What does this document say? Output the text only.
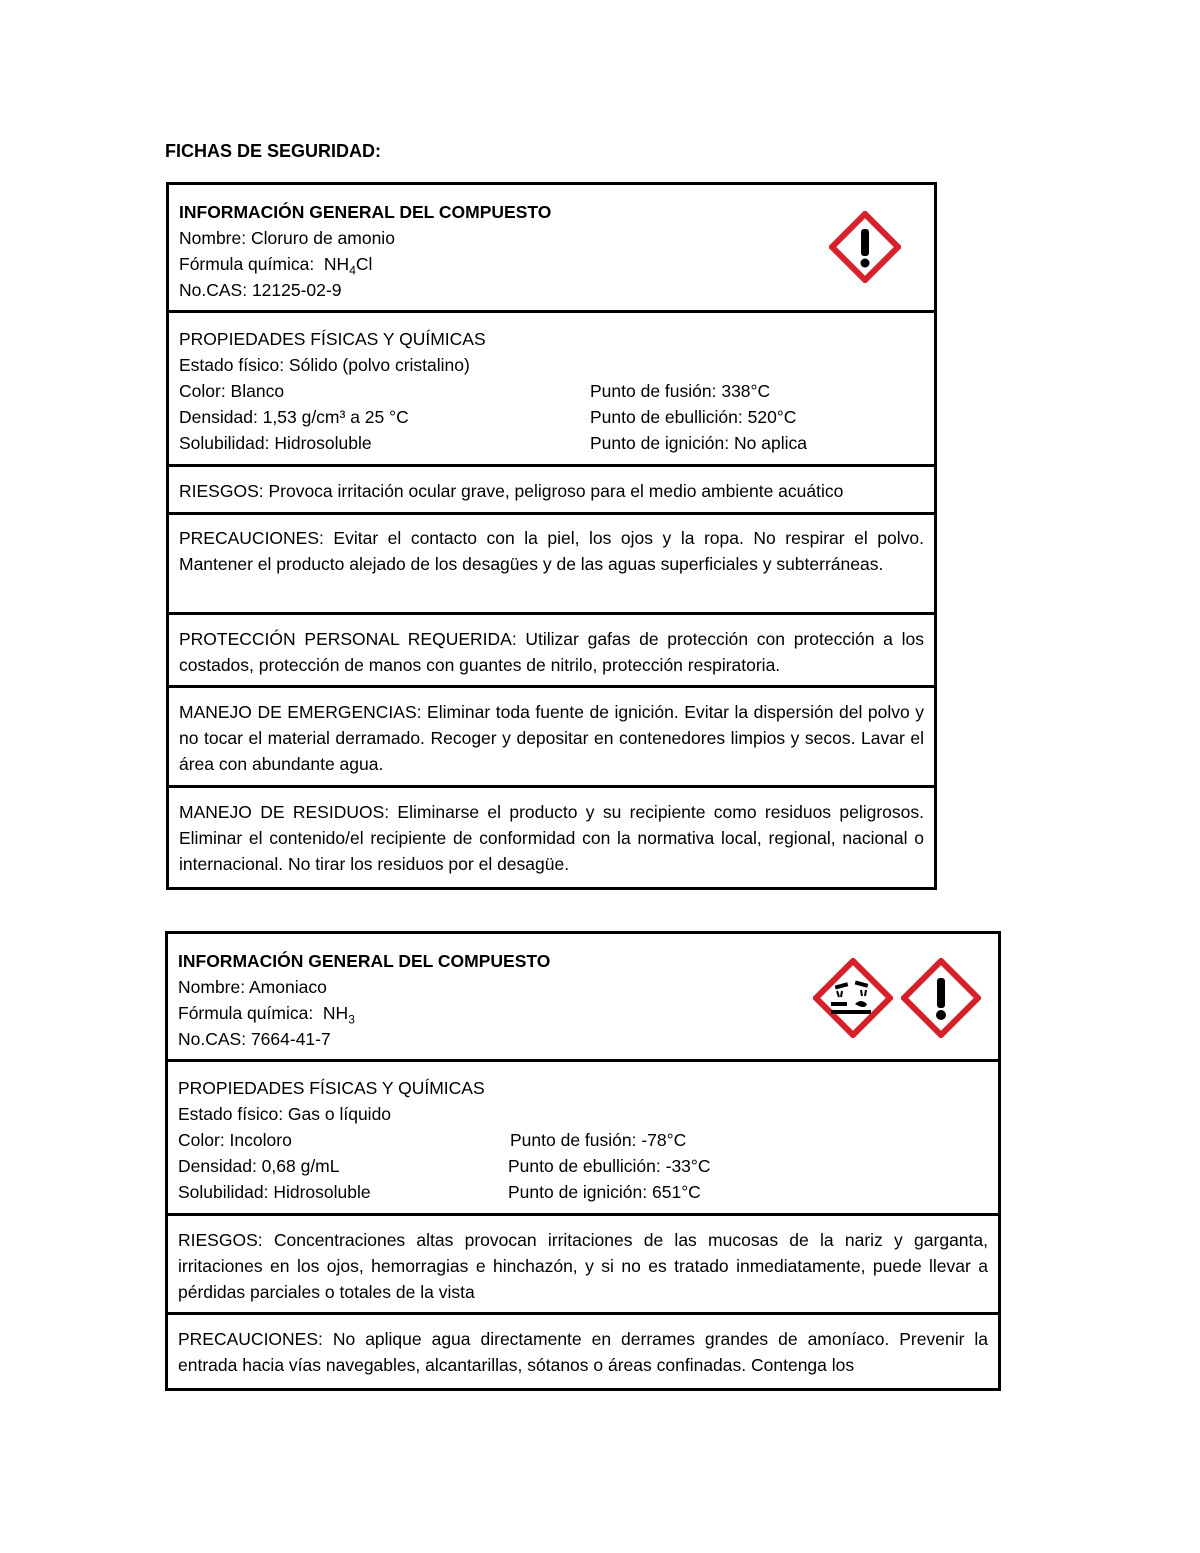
FICHAS DE SEGURIDAD:
INFORMACIÓN GENERAL DEL COMPUESTO
Nombre: Cloruro de amonio
Fórmula química: $NH_4Cl$
No.CAS: 12125-02-9
PROPIEDADES FÍSICAS Y QUÍMICAS
Estado físico: Sólido (polvo cristalino)
Color: Blanco	Punto de fusión: 338°C
Densidad: 1,53 g/cm³ a 25 °C	Punto de ebullición: 520°C
Solubilidad: Hidrosoluble	Punto de ignición: No aplica
RIESGOS: Provoca irritación ocular grave, peligroso para el medio ambiente acuático
PRECAUCIONES: Evitar el contacto con la piel, los ojos y la ropa. No respirar el polvo. Mantener el producto alejado de los desagües y de las aguas superficiales y subterráneas.
PROTECCIÓN PERSONAL REQUERIDA: Utilizar gafas de protección con protección a los costados, protección de manos con guantes de nitrilo, protección respiratoria.
MANEJO DE EMERGENCIAS: Eliminar toda fuente de ignición. Evitar la dispersión del polvo y no tocar el material derramado. Recoger y depositar en contenedores limpios y secos. Lavar el área con abundante agua.
MANEJO DE RESIDUOS: Eliminarse el producto y su recipiente como residuos peligrosos. Eliminar el contenido/el recipiente de conformidad con la normativa local, regional, nacional o internacional. No tirar los residuos por el desagüe.
INFORMACIÓN GENERAL DEL COMPUESTO
Nombre: Amoniaco
Fórmula química: $NH_3$
No.CAS: 7664-41-7
PROPIEDADES FÍSICAS Y QUÍMICAS
Estado físico: Gas o líquido
Color: Incoloro	Punto de fusión: -78°C
Densidad: 0,68 g/mL	Punto de ebullición: -33°C
Solubilidad: Hidrosoluble	Punto de ignición: 651°C
RIESGOS: Concentraciones altas provocan irritaciones de las mucosas de la nariz y garganta, irritaciones en los ojos, hemorragias e hinchazón, y si no es tratado inmediatamente, puede llevar a pérdidas parciales o totales de la vista
PRECAUCIONES: No aplique agua directamente en derrames grandes de amoníaco. Prevenir la entrada hacia vías navegables, alcantarillas, sótanos o áreas confinadas. Contenga los
